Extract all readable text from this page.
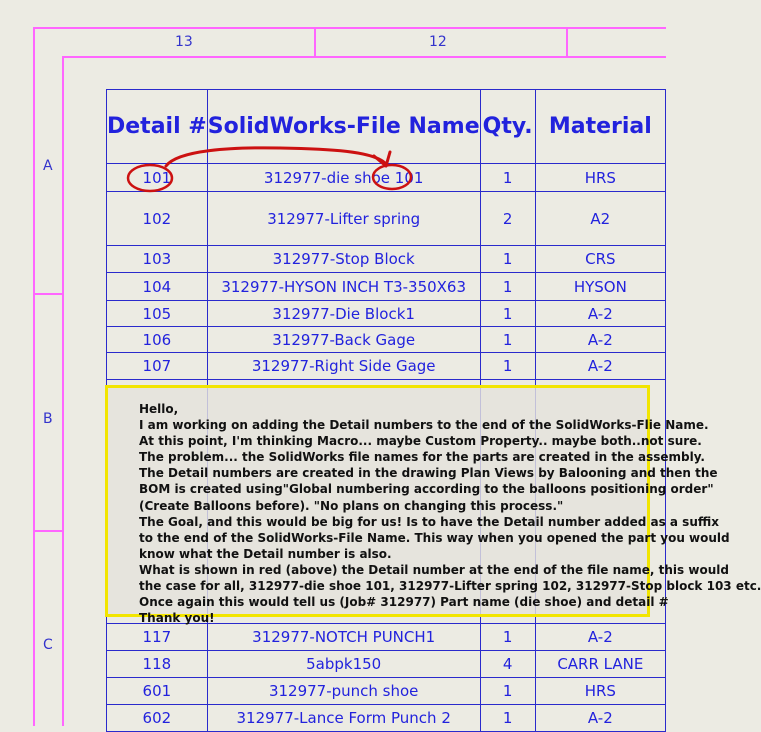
13	12
A
B
C
Detail #	SolidWorks-File Name	Qty.	Material
101	312977-die shoe 101	1	HRS
102	312977-Lifter spring	2	A2
103	312977-Stop Block	1	CRS
104	312977-HYSON INCH T3-350X63	1	HYSON
105	312977-Die Block1	1	A-2
106	312977-Back Gage	1	A-2
107	312977-Right Side Gage	1	A-2

117	312977-NOTCH PUNCH1	1	A-2
118	5abpk150	4	CARR LANE
601	312977-punch shoe	1	HRS
602	312977-Lance Form Punch 2	1	A-2

Hello,

I am working on adding the Detail numbers to the end of the SolidWorks-Flie Name.

At this point, I'm thinking Macro... maybe Custom Property.. maybe both..not sure.

The problem... the SolidWorks file names for the parts are created in the assembly.

The Detail numbers are created in the drawing Plan Views by Balooning and then the

BOM is created using"Global numbering according to the balloons positioning order"

(Create Balloons before). "No plans on changing this process."

The Goal, and this would be big for us! Is to have the Detail number added as a suffix

to the end of the SolidWorks-File Name. This way when you opened the part you would

know what the Detail number is also.

What is shown in red (above) the Detail number at the end of the file name, this would

the case for all, 312977-die shoe 101, 312977-Lifter spring 102, 312977-Stop block 103 etc.

Once again this would tell us (Job# 312977) Part name (die shoe) and detail #

Thank you!
